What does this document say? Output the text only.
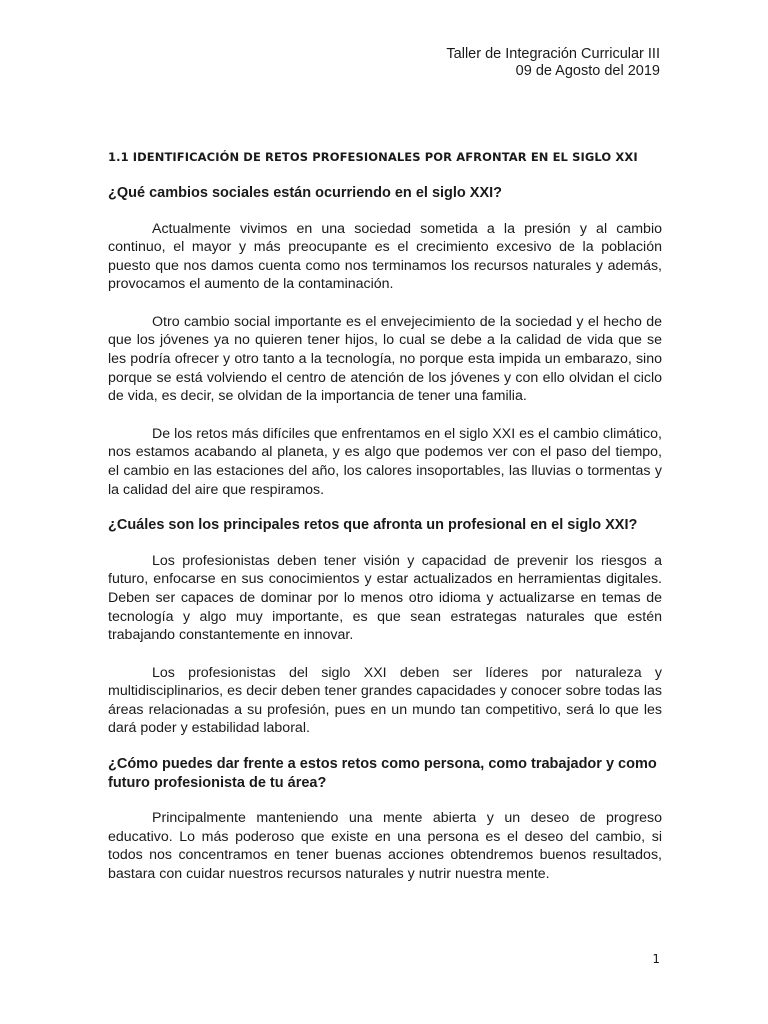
Taller de Integración Curricular III
09 de Agosto del 2019
1.1 IDENTIFICACIÓN DE RETOS PROFESIONALES POR AFRONTAR EN EL SIGLO XXI
¿Qué cambios sociales están ocurriendo en el siglo XXI?

Actualmente vivimos en una sociedad sometida a la presión y al cambio continuo, el mayor y más preocupante es el crecimiento excesivo de la población puesto que nos damos cuenta como nos terminamos los recursos naturales y además, provocamos el aumento de la contaminación.

Otro cambio social importante es el envejecimiento de la sociedad y el hecho de que los jóvenes ya no quieren tener hijos, lo cual se debe a la calidad de vida que se les podría ofrecer y otro tanto a la tecnología, no porque esta impida un embarazo, sino porque se está volviendo el centro de atención de los jóvenes y con ello olvidan el ciclo de vida, es decir, se olvidan de la importancia de tener una familia.

De los retos más difíciles que enfrentamos en el siglo XXI es el cambio climático, nos estamos acabando al planeta, y es algo que podemos ver con el paso del tiempo, el cambio en las estaciones del año, los calores insoportables, las lluvias o tormentas y la calidad del aire que respiramos.

¿Cuáles son los principales retos que afronta un profesional en el siglo XXI?

Los profesionistas deben tener visión y capacidad de prevenir los riesgos a futuro, enfocarse en sus conocimientos y estar actualizados en herramientas digitales. Deben ser capaces de dominar por lo menos otro idioma y actualizarse en temas de tecnología y algo muy importante, es que sean estrategas naturales que estén trabajando constantemente en innovar.

Los profesionistas del siglo XXI deben ser líderes por naturaleza y multidisciplinarios, es decir deben tener grandes capacidades y conocer sobre todas las áreas relacionadas a su profesión, pues en un mundo tan competitivo, será lo que les dará poder y estabilidad laboral.

¿Cómo puedes dar frente a estos retos como persona, como trabajador y como futuro profesionista de tu área?

Principalmente manteniendo una mente abierta y un deseo de progreso educativo. Lo más poderoso que existe en una persona es el deseo del cambio, si todos nos concentramos en tener buenas acciones obtendremos buenos resultados, bastara con cuidar nuestros recursos naturales y nutrir nuestra mente.

1
